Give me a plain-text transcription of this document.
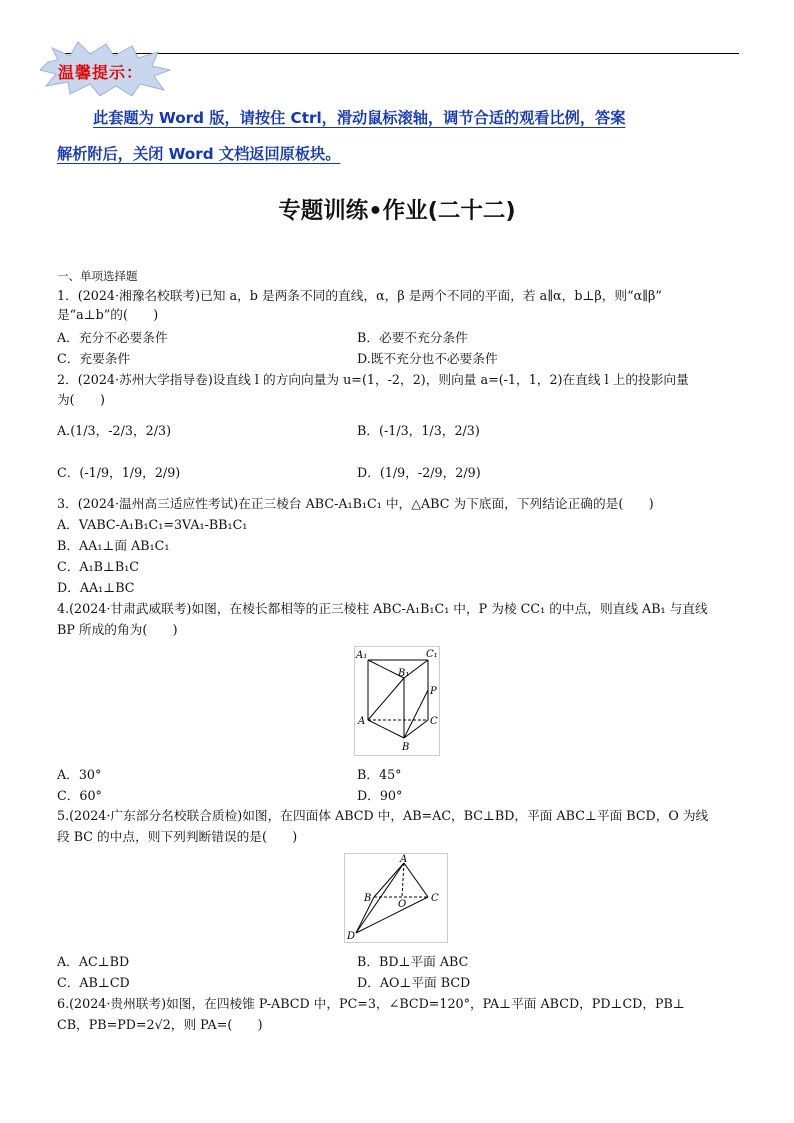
温馨提示：
此套题为 Word 版，请按住 Ctrl，滑动鼠标滚轴，调节合适的观看比例，答案
解析附后，关闭 Word 文档返回原板块。
专题训练•作业(二十二)
一、单项选择题
1．(2024·湘豫名校联考)已知 a，b 是两条不同的直线，α，β 是两个不同的平面，若 a∥α，b⊥β，则“α∥β”
是“a⊥b”的(　　)
A．充分不必要条件	B．必要不充分条件
C．充要条件	D.既不充分也不必要条件
2．(2024·苏州大学指导卷)设直线 l 的方向向量为 u=(1，-2，2)，则向量 a=(-1，1，2)在直线 l 上的投影向量
为(　　)
A.(1/3，-2/3，2/3)	B．(-1/3，1/3，2/3)
C．(-1/9，1/9，2/9)	D．(1/9，-2/9，2/9)
3．(2024·温州高三适应性考试)在正三棱台 ABC-A₁B₁C₁ 中，△ABC 为下底面，下列结论正确的是(　　)
A．VABC-A₁B₁C₁=3VA₁-BB₁C₁
B．AA₁⊥面 AB₁C₁
C．A₁B⊥B₁C
D．AA₁⊥BC
4.(2024·甘肃武威联考)如图，在棱长都相等的正三棱柱 ABC-A₁B₁C₁ 中，P 为棱 CC₁ 的中点，则直线 AB₁ 与直线
BP 所成的角为(　　)
A₁	C₁
B₁
P
A	C
B
A．30°	B．45°
C．60°	D．90°
5.(2024·广东部分名校联合质检)如图，在四面体 ABCD 中，AB=AC，BC⊥BD，平面 ABC⊥平面 BCD，O 为线
段 BC 的中点，则下列判断错误的是(　　)
A
B
O
C
D
A．AC⊥BD	B．BD⊥平面 ABC
C．AB⊥CD	D．AO⊥平面 BCD
6.(2024·贵州联考)如图，在四棱锥 P-ABCD 中，PC=3，∠BCD=120°，PA⊥平面 ABCD，PD⊥CD，PB⊥
CB，PB=PD=2√2，则 PA=(　　)
